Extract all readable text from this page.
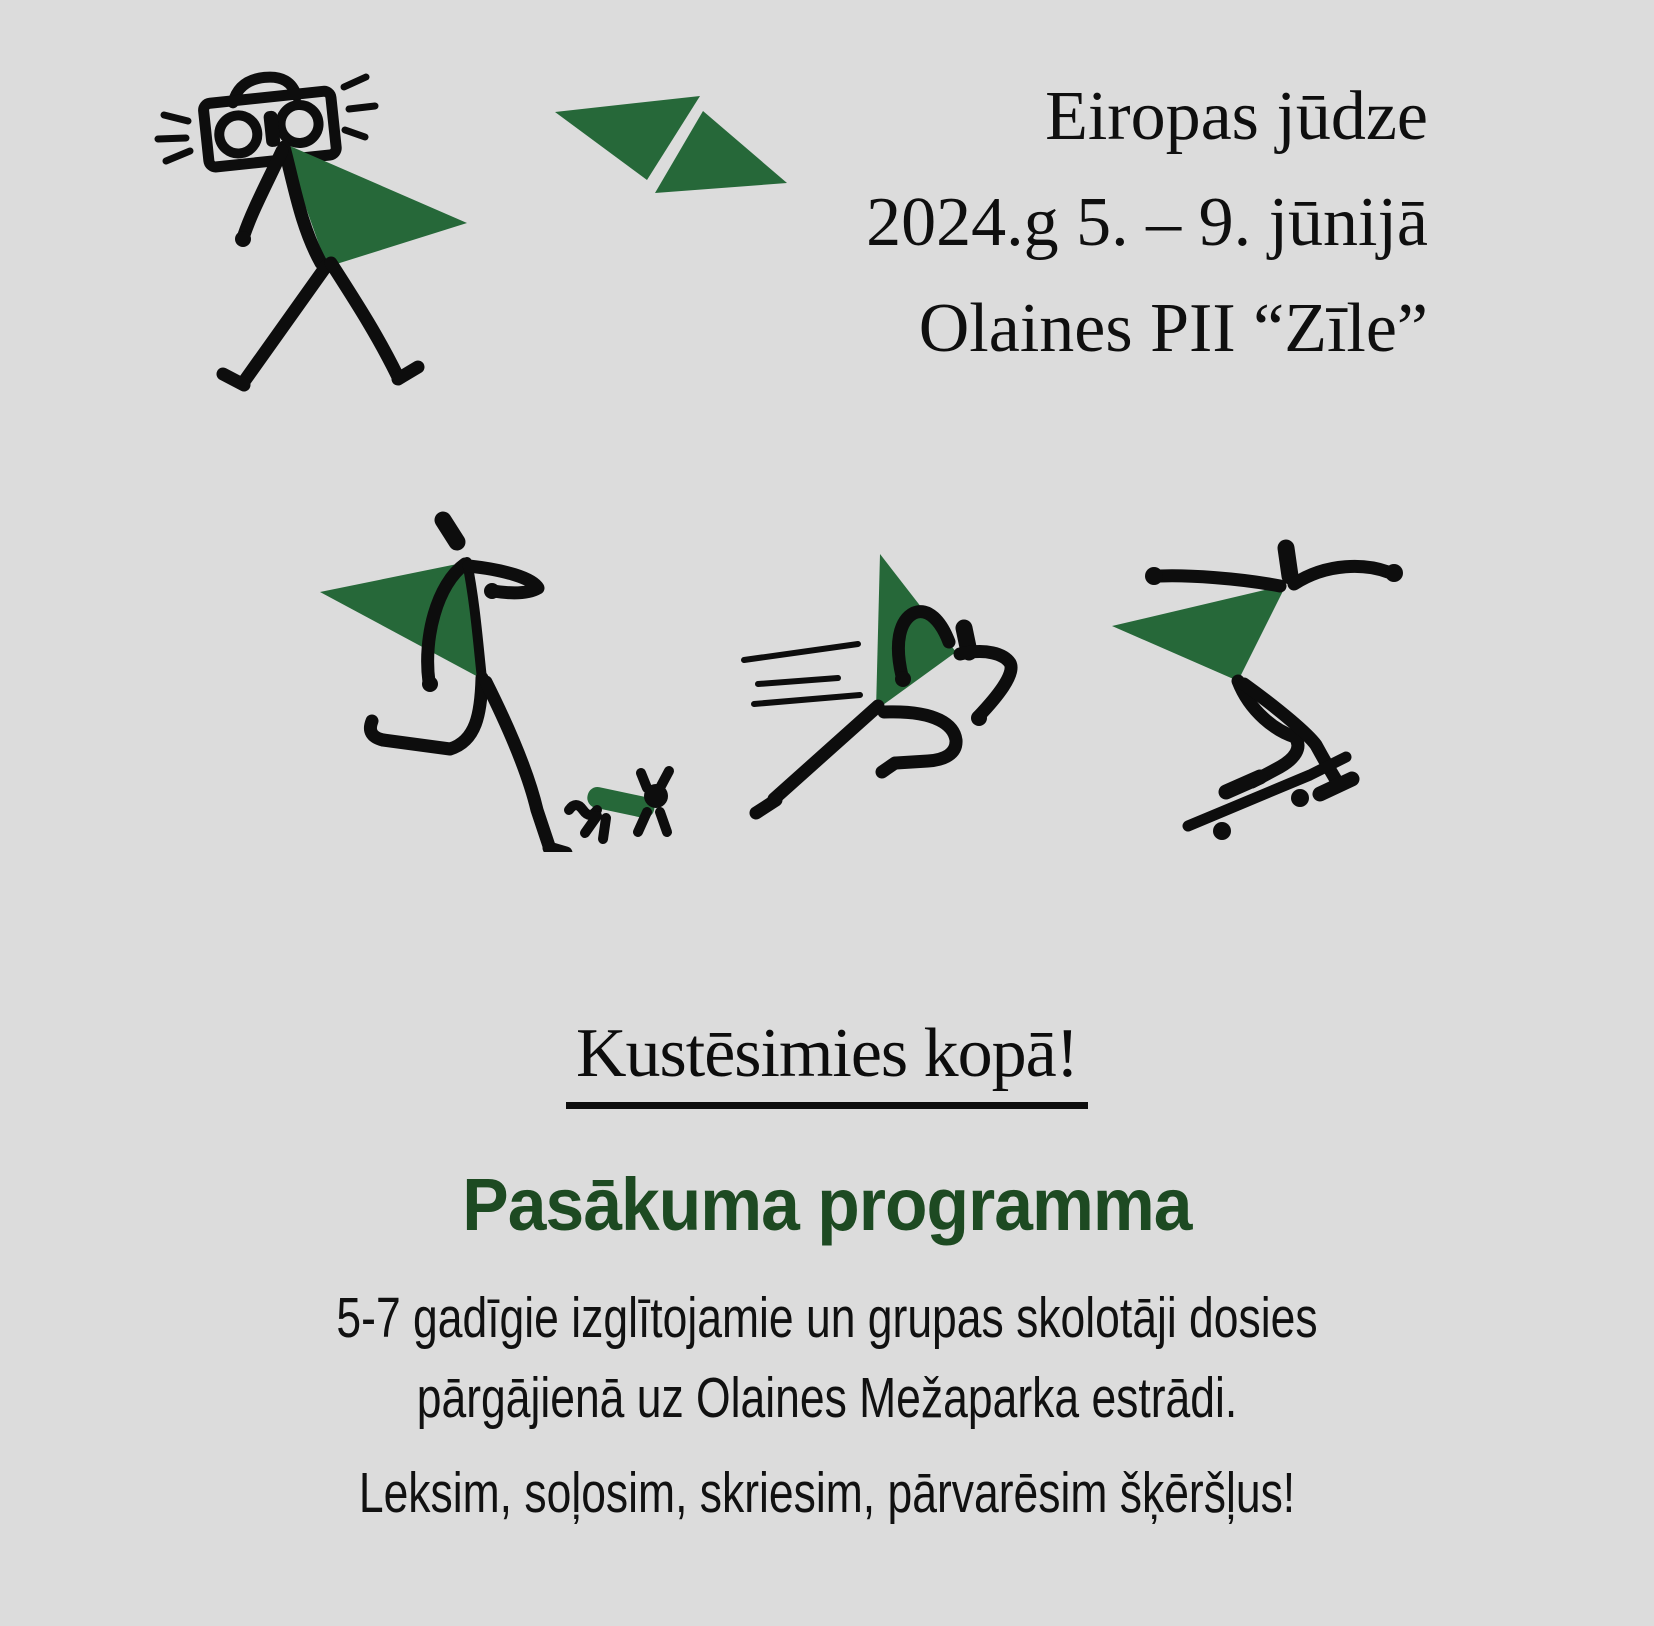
Eiropas jūdze
2024.g 5. – 9. jūnijā
Olaines PII “Zīle”
Kustēsimies kopā!
Pasākuma programma
5-7 gadīgie izglītojamie un grupas skolotāji dosies
pārgājienā uz Olaines Mežaparka estrādi.
Leksim, soļosim, skriesim, pārvarēsim šķēršļus!
